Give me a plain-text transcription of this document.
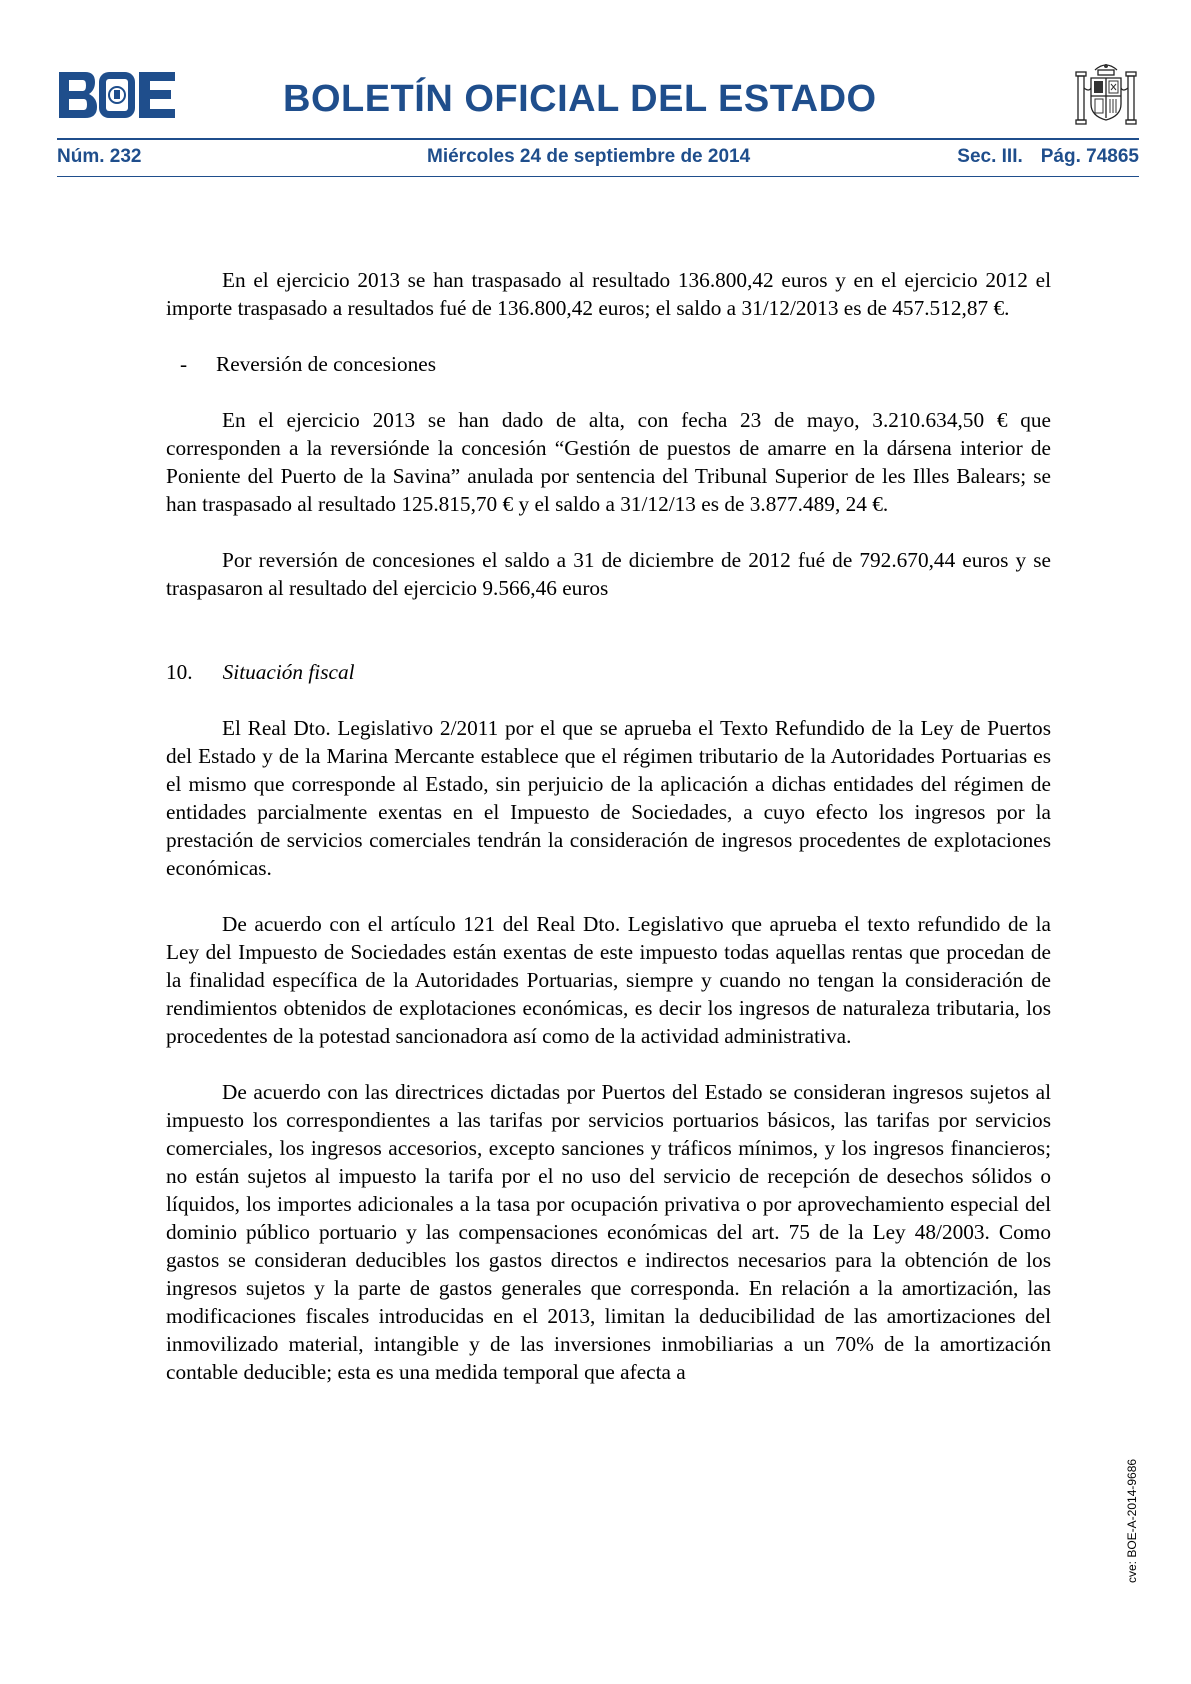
BOLETÍN OFICIAL DEL ESTADO
Núm. 232	Miércoles 24 de septiembre de 2014	Sec. III. Pág. 74865

En el ejercicio 2013 se han traspasado al resultado 136.800,42 euros y en el ejercicio 2012 el importe traspasado a resultados fué de 136.800,42 euros; el saldo a 31/12/2013 es de 457.512,87 €.

- Reversión de concesiones

En el ejercicio 2013 se han dado de alta, con fecha 23 de mayo, 3.210.634,50 € que corresponden a la reversiónde la concesión “Gestión de puestos de amarre en la dársena interior de Poniente del Puerto de la Savina” anulada por sentencia del Tribunal Superior de les Illes Balears; se han traspasado al resultado 125.815,70 € y el saldo a 31/12/13 es de 3.877.489, 24 €.

Por reversión de concesiones el saldo a 31 de diciembre de 2012 fué de 792.670,44 euros y se traspasaron al resultado del ejercicio 9.566,46 euros

10. Situación fiscal

El Real Dto. Legislativo 2/2011 por el que se aprueba el Texto Refundido de la Ley de Puertos del Estado y de la Marina Mercante establece que el régimen tributario de la Autoridades Portuarias es el mismo que corresponde al Estado, sin perjuicio de la aplicación a dichas entidades del régimen de entidades parcialmente exentas en el Impuesto de Sociedades, a cuyo efecto los ingresos por la prestación de servicios comerciales tendrán la consideración de ingresos procedentes de explotaciones económicas.

De acuerdo con el artículo 121 del Real Dto. Legislativo que aprueba el texto refundido de la Ley del Impuesto de Sociedades están exentas de este impuesto todas aquellas rentas que procedan de la finalidad específica de la Autoridades Portuarias, siempre y cuando no tengan la consideración de rendimientos obtenidos de explotaciones económicas, es decir los ingresos de naturaleza tributaria, los procedentes de la potestad sancionadora así como de la actividad administrativa.

De acuerdo con las directrices dictadas por Puertos del Estado se consideran ingresos sujetos al impuesto los correspondientes a las tarifas por servicios portuarios básicos, las tarifas por servicios comerciales, los ingresos accesorios, excepto sanciones y tráficos mínimos, y los ingresos financieros; no están sujetos al impuesto la tarifa por el no uso del servicio de recepción de desechos sólidos o líquidos, los importes adicionales a la tasa por ocupación privativa o por aprovechamiento especial del dominio público portuario y las compensaciones económicas del art. 75 de la Ley 48/2003. Como gastos se consideran deducibles los gastos directos e indirectos necesarios para la obtención de los ingresos sujetos y la parte de gastos generales que corresponda. En relación a la amortización, las modificaciones fiscales introducidas en el 2013, limitan la deducibilidad de las amortizaciones del inmovilizado material, intangible y de las inversiones inmobiliarias a un 70% de la amortización contable deducible; esta es una medida temporal que afecta a

cve: BOE-A-2014-9686
